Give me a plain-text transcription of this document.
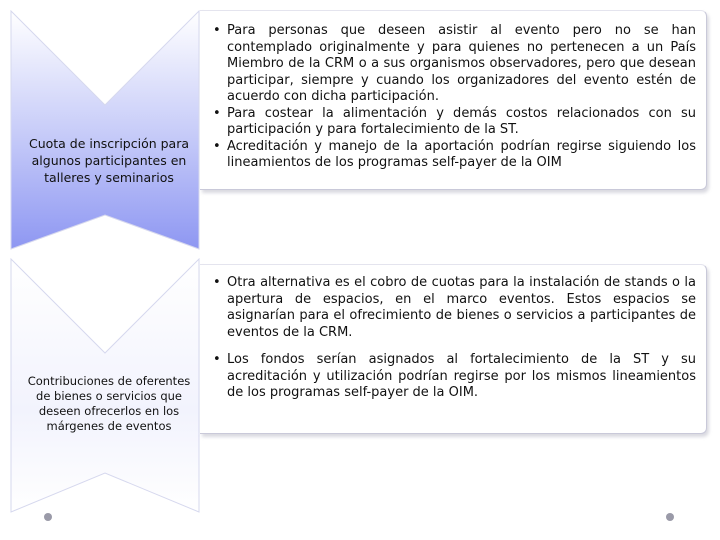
Cuota de inscripción para algunos participantes en talleres y seminarios
• Para personas que deseen asistir al evento pero no se han contemplado originalmente y para quienes no pertenecen a un País Miembro de la CRM o a sus organismos observadores, pero que desean participar, siempre y cuando los organizadores del evento estén de acuerdo con dicha participación.
• Para costear la alimentación y demás costos relacionados con su participación y para fortalecimiento de la ST.
• Acreditación y manejo de la aportación podrían regirse siguiendo los lineamientos de los programas self-payer de la OIM
Contribuciones de oferentes de bienes o servicios que deseen ofrecerlos en los márgenes de eventos
• Otra alternativa es el cobro de cuotas para la instalación de stands o la apertura de espacios, en el marco eventos. Estos espacios se asignarían para el ofrecimiento de bienes o servicios a participantes de eventos de la CRM.
• Los fondos serían asignados al fortalecimiento de la ST y su acreditación y utilización podrían regirse por los mismos lineamientos de los programas self-payer de la OIM.
